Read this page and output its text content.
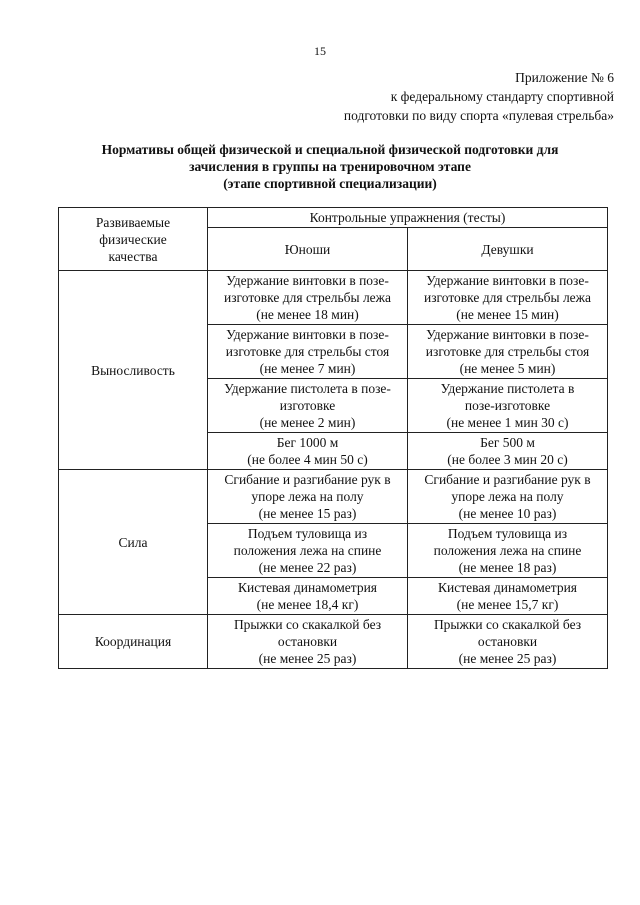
15
Приложение № 6
к федеральному стандарту спортивной
подготовки по виду спорта «пулевая стрельба»
Нормативы общей физической и специальной физической подготовки для
зачисления в группы на тренировочном этапе
(этапе спортивной специализации)
Развиваемые
физические
качества	Контрольные упражнения (тесты)	
	Юноши	Девушки
Выносливость	Удержание винтовки в позе-
изготовке для стрельбы лежа
(не менее 18 мин)	Удержание винтовки в позе-
изготовке для стрельбы лежа
(не менее 15 мин)
	Удержание винтовки в позе-
изготовке для стрельбы стоя
(не менее 7 мин)	Удержание винтовки в позе-
изготовке для стрельбы стоя
(не менее 5 мин)
	Удержание пистолета в позе-
изготовке
(не менее 2 мин)	Удержание пистолета в
позе-изготовке
(не менее 1 мин 30 с)
	Бег 1000 м
(не более 4 мин 50 с)	Бег 500 м
(не более 3 мин 20 с)
Сила	Сгибание и разгибание рук в
упоре лежа на полу
(не менее 15 раз)	Сгибание и разгибание рук в
упоре лежа на полу
(не менее 10 раз)
	Подъем туловища из
положения лежа на спине
(не менее 22 раз)	Подъем туловища из
положения лежа на спине
(не менее 18 раз)
	Кистевая динамометрия
(не менее 18,4 кг)	Кистевая динамометрия
(не менее 15,7 кг)
Координация	Прыжки со скакалкой без
остановки
(не менее 25 раз)	Прыжки со скакалкой без
остановки
(не менее 25 раз)
